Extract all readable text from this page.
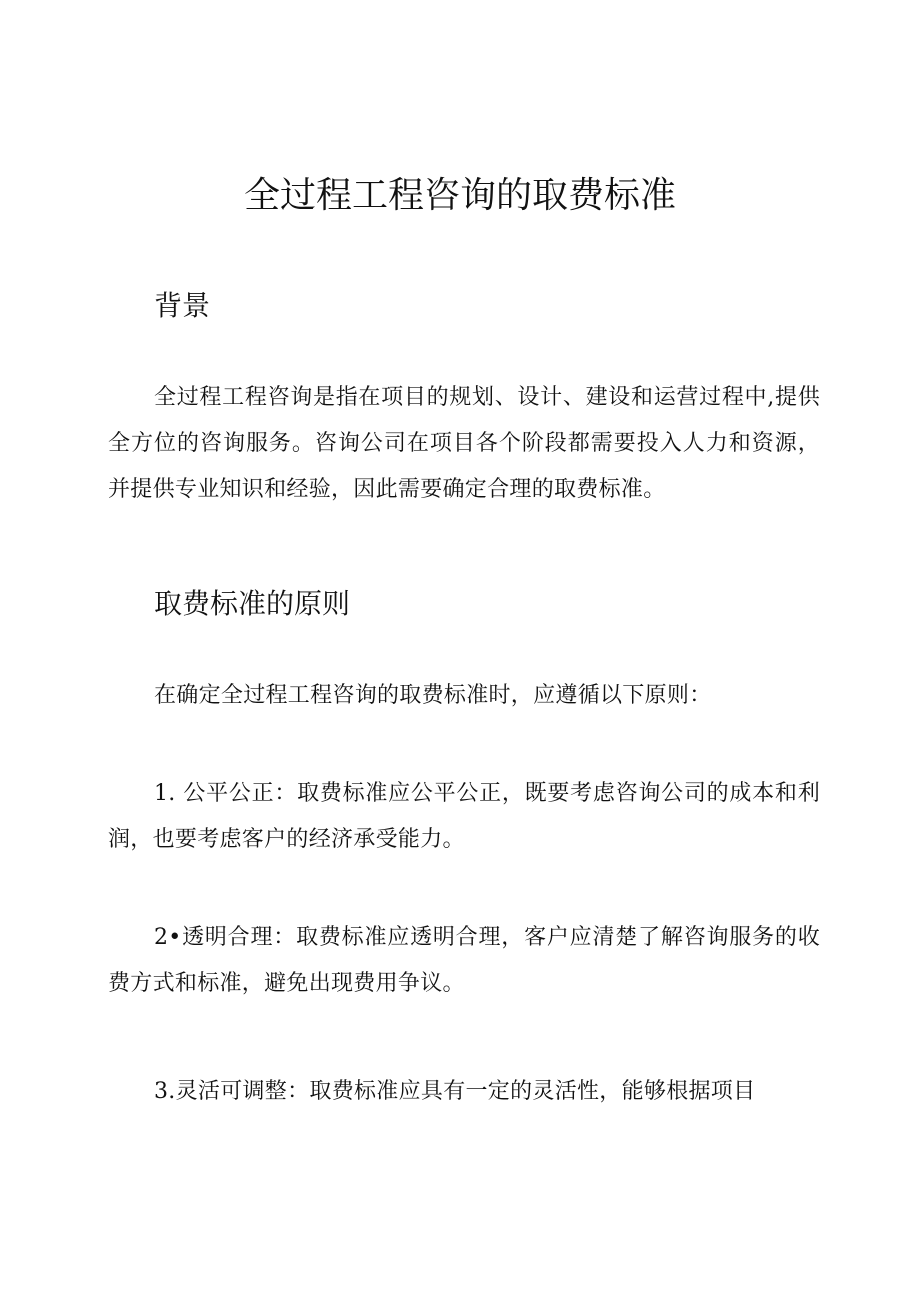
全过程工程咨询的取费标准
背景

全过程工程咨询是指在项目的规划、设计、建设和运营过程中,提供全方位的咨询服务。咨询公司在项目各个阶段都需要投入人力和资源，并提供专业知识和经验，因此需要确定合理的取费标准。

取费标准的原则

在确定全过程工程咨询的取费标准时，应遵循以下原则：

1. 公平公正：取费标准应公平公正，既要考虑咨询公司的成本和利润，也要考虑客户的经济承受能力。

2•透明合理：取费标准应透明合理，客户应清楚了解咨询服务的收费方式和标准，避免出现费用争议。

3.灵活可调整：取费标准应具有一定的灵活性，能够根据项目
